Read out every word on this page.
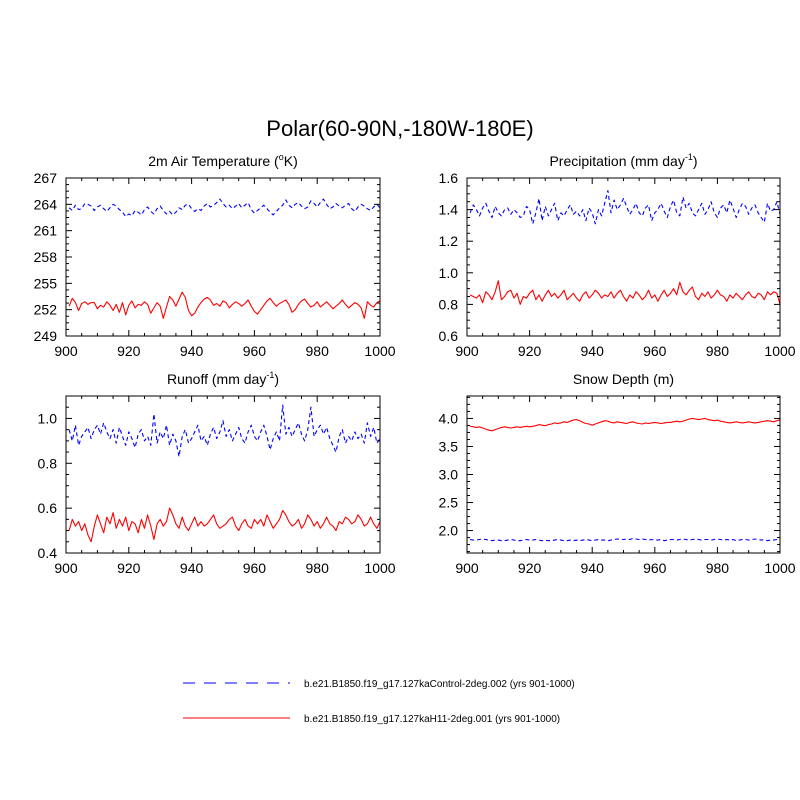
Polar(60-90N,-180W-180E)
2m Air Temperature ($^o$K)
900	920	940	960	980	1000
249
252
255
258
261
264
267
Precipitation (mm day$^{-1}$)
900	920	940	960	980	1000
0.6
0.8
1.0
1.2
1.4
1.6
Runoff (mm day$^{-1}$)
900	920	940	960	980	1000
0.4
0.6
0.8
1.0
Snow Depth (m)
900	920	940	960	980	1000
2.0
2.5
3.0
3.5
4.0
b.e21.B1850.f19_g17.127kaControl-2deg.002 (yrs 901-1000)
b.e21.B1850.f19_g17.127kaH11-2deg.001 (yrs 901-1000)
